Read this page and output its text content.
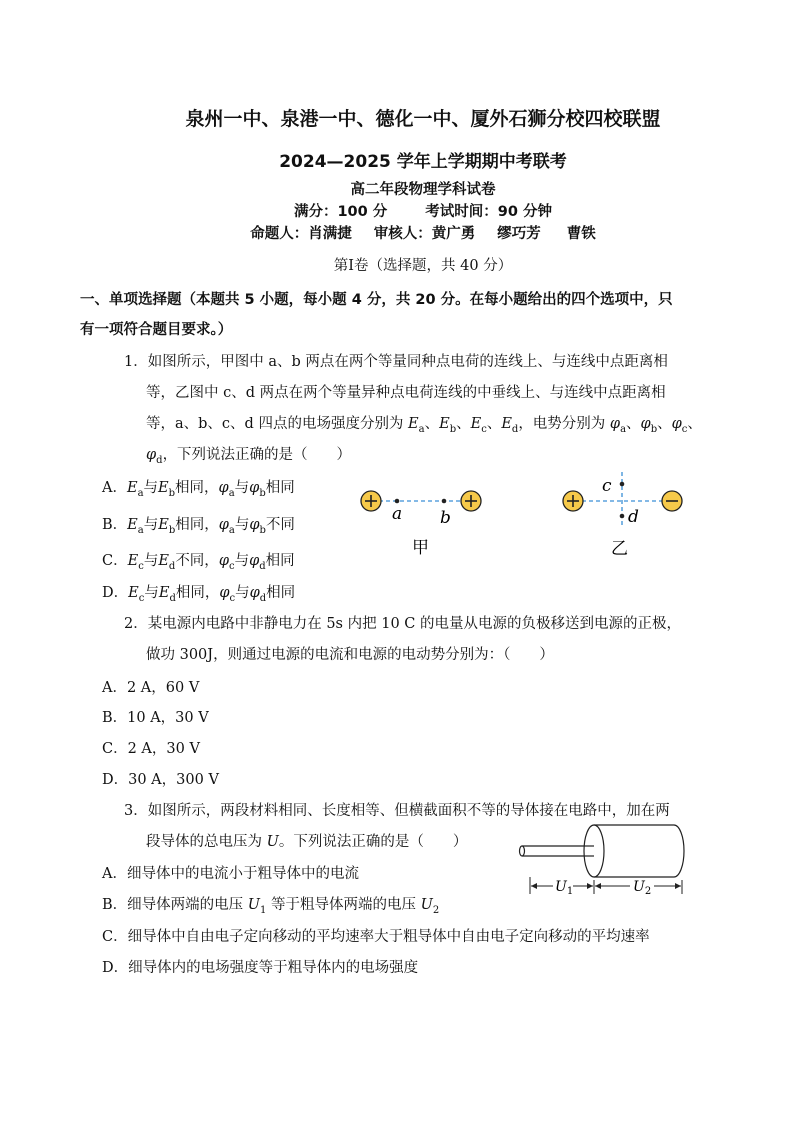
泉州一中、泉港一中、德化一中、厦外石狮分校四校联盟
2024—2025 学年上学期期中考联考
高二年段物理学科试卷
满分：100 分	考试时间：90 分钟
命题人：肖满捷 审核人：黄广勇 缪巧芳 曹铁
第Ⅰ卷（选择题，共 40 分）
一、单项选择题（本题共 5 小题，每小题 4 分，共 20 分。在每小题给出的四个选项中，只
有一项符合题目要求。）
1．如图所示，甲图中 a、b 两点在两个等量同种点电荷的连线上、与连线中点距离相
等，乙图中 c、d 两点在两个等量异种点电荷连线的中垂线上、与连线中点距离相
等，a、b、c、d 四点的电场强度分别为 $E_a$、$E_b$、$E_c$、$E_d$，电势分别为 $\varphi_a$、$\varphi_b$、$\varphi_c$、
$\varphi_d$，下列说法正确的是（　　）
A．$E_a$与$E_b$相同，$\varphi_a$与$\varphi_b$相同
B．$E_a$与$E_b$相同，$\varphi_a$与$\varphi_b$不同
C．$E_c$与$E_d$不同，$\varphi_c$与$\varphi_d$相同
D．$E_c$与$E_d$相同，$\varphi_c$与$\varphi_d$相同
a b
甲
c
d
乙
2．某电源内电路中非静电力在 5s 内把 10 C 的电量从电源的负极移送到电源的正极，
做功 300J，则通过电源的电流和电源的电动势分别为：（　　）
A．2 A，60 V
B．10 A，30 V
C．2 A，30 V
D．30 A，300 V
3．如图所示，两段材料相同、长度相等、但横截面积不等的导体接在电路中，加在两
段导体的总电压为 U。下列说法正确的是（　　）
A．细导体中的电流小于粗导体中的电流
B．细导体两端的电压 $U_1$ 等于粗导体两端的电压 $U_2$
C．细导体中自由电子定向移动的平均速率大于粗导体中自由电子定向移动的平均速率
D．细导体内的电场强度等于粗导体内的电场强度
$U_1$	$U_2$
